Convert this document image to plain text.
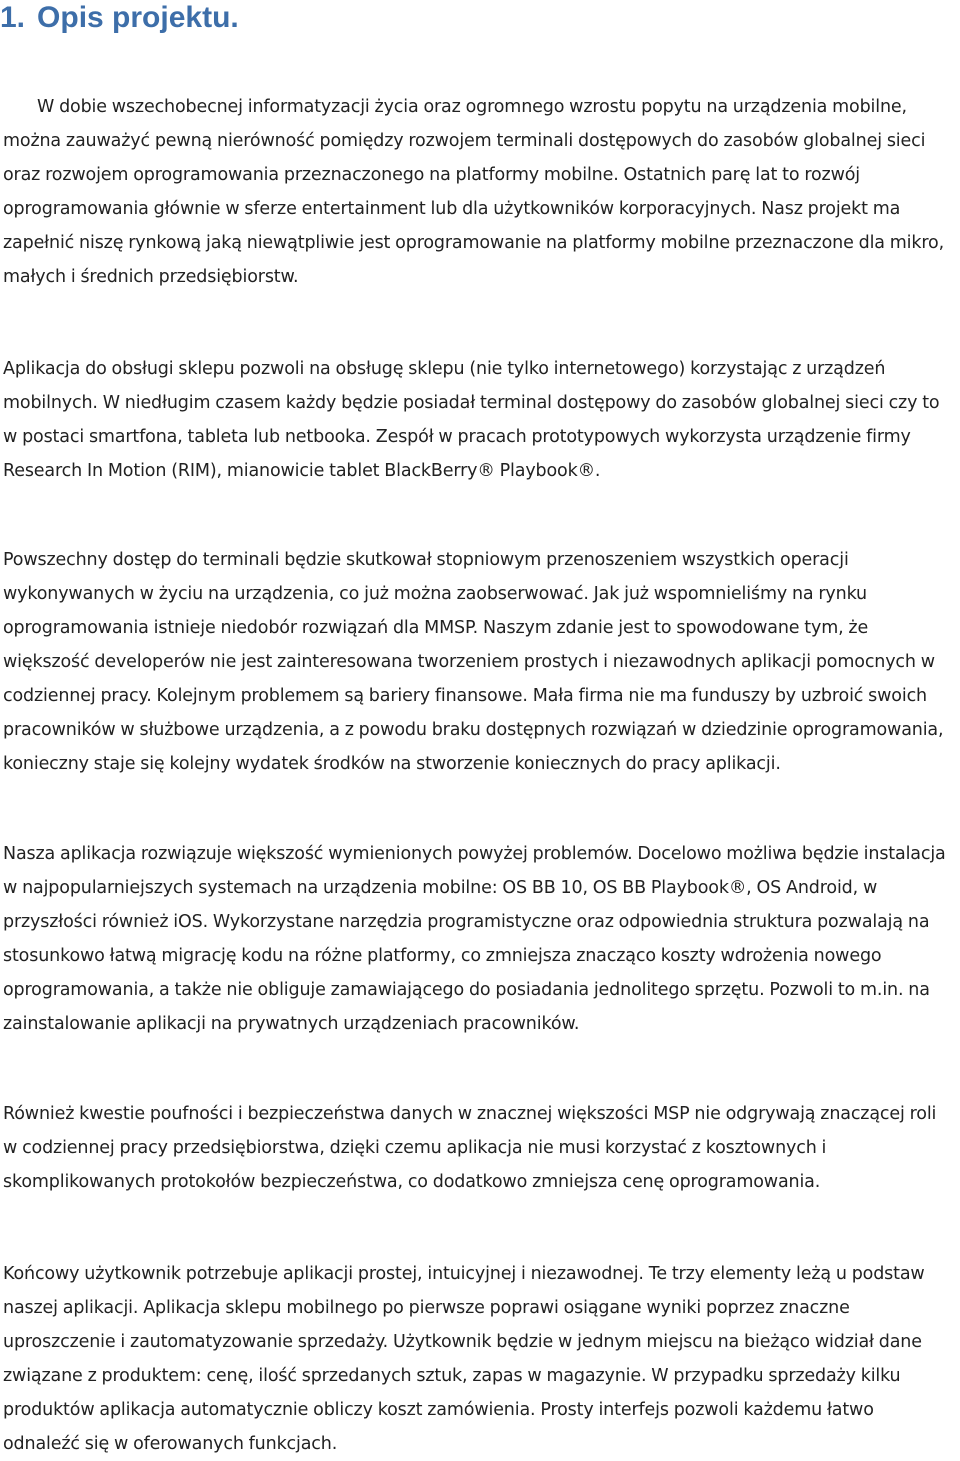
1. Opis projektu.

W dobie wszechobecnej informatyzacji życia oraz ogromnego wzrostu popytu na urządzenia mobilne, można zauważyć pewną nierówność pomiędzy rozwojem terminali dostępowych do zasobów globalnej sieci oraz rozwojem oprogramowania przeznaczonego na platformy mobilne. Ostatnich parę lat to rozwój oprogramowania głównie w sferze entertainment lub dla użytkowników korporacyjnych. Nasz projekt ma zapełnić niszę rynkową jaką niewątpliwie jest oprogramowanie na platformy mobilne przeznaczone dla mikro, małych i średnich przedsiębiorstw.

Aplikacja do obsługi sklepu pozwoli na obsługę sklepu (nie tylko internetowego) korzystając z urządzeń mobilnych. W niedługim czasem każdy będzie posiadał terminal dostępowy do zasobów globalnej sieci czy to w postaci smartfona, tableta lub netbooka. Zespół w pracach prototypowych wykorzysta urządzenie firmy Research In Motion (RIM), mianowicie tablet BlackBerry® Playbook®.

Powszechny dostęp do terminali będzie skutkował stopniowym przenoszeniem wszystkich operacji wykonywanych w życiu na urządzenia, co już można zaobserwować. Jak już wspomnieliśmy na rynku oprogramowania istnieje niedobór rozwiązań dla MMSP. Naszym zdanie jest to spowodowane tym, że większość developerów nie jest zainteresowana tworzeniem prostych i niezawodnych aplikacji pomocnych w codziennej pracy. Kolejnym problemem są bariery finansowe. Mała firma nie ma funduszy by uzbroić swoich pracowników w służbowe urządzenia, a z powodu braku dostępnych rozwiązań w dziedzinie oprogramowania, konieczny staje się kolejny wydatek środków na stworzenie koniecznych do pracy aplikacji.

Nasza aplikacja rozwiązuje większość wymienionych powyżej problemów. Docelowo możliwa będzie instalacja w najpopularniejszych systemach na urządzenia mobilne: OS BB 10, OS BB Playbook®, OS Android, w przyszłości również iOS. Wykorzystane narzędzia programistyczne oraz odpowiednia struktura pozwalają na stosunkowo łatwą migrację kodu na różne platformy, co zmniejsza znacząco koszty wdrożenia nowego oprogramowania, a także nie obliguje zamawiającego do posiadania jednolitego sprzętu. Pozwoli to m.in. na zainstalowanie aplikacji na prywatnych urządzeniach pracowników.

Również kwestie poufności i bezpieczeństwa danych w znacznej większości MSP nie odgrywają znaczącej roli w codziennej pracy przedsiębiorstwa, dzięki czemu aplikacja nie musi korzystać z kosztownych i skomplikowanych protokołów bezpieczeństwa, co dodatkowo zmniejsza cenę oprogramowania.

Końcowy użytkownik potrzebuje aplikacji prostej, intuicyjnej i niezawodnej. Te trzy elementy leżą u podstaw naszej aplikacji. Aplikacja sklepu mobilnego po pierwsze poprawi osiągane wyniki poprzez znaczne uproszczenie i zautomatyzowanie sprzedaży. Użytkownik będzie w jednym miejscu na bieżąco widział dane związane z produktem: cenę, ilość sprzedanych sztuk, zapas w magazynie. W przypadku sprzedaży kilku produktów aplikacja automatycznie obliczy koszt zamówienia. Prosty interfejs pozwoli każdemu łatwo odnaleźć się w oferowanych funkcjach.
